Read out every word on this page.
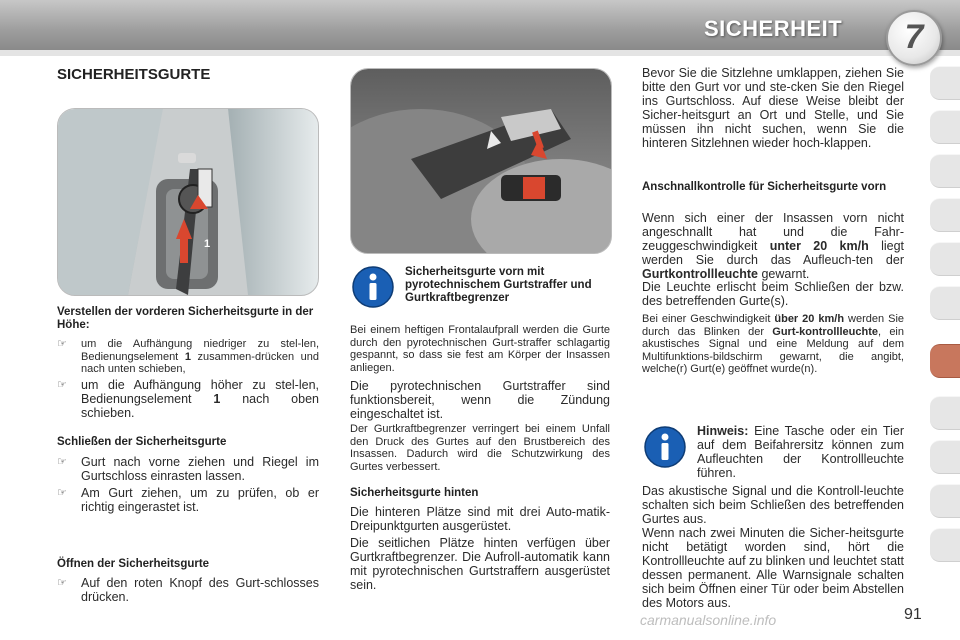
SICHERHEIT	7
SICHERHEITSGURTE
1
Verstellen der vorderen Sicherheitsgurte in der Höhe:
☞ um die Aufhängung niedriger zu stel-len, Bedienungselement 1 zusammen-drücken und nach unten schieben,
☞ um die Aufhängung höher zu stel-len, Bedienungselement 1 nach oben schieben.
Schließen der Sicherheitsgurte
☞ Gurt nach vorne ziehen und Riegel im Gurtschloss einrasten lassen.
☞ Am Gurt ziehen, um zu prüfen, ob er richtig eingerastet ist.
Öffnen der Sicherheitsgurte
☞ Auf den roten Knopf des Gurt-schlosses drücken.
Sicherheitsgurte vorn mit pyrotechnischem Gurtstraffer und Gurtkraftbegrenzer
Bei einem heftigen Frontalaufprall werden die Gurte durch den pyrotechnischen Gurt-straffer schlagartig gespannt, so dass sie fest am Körper der Insassen anliegen.
Die pyrotechnischen Gurtstraffer sind funktionsbereit, wenn die Zündung eingeschaltet ist.
Der Gurtkraftbegrenzer verringert bei einem Unfall den Druck des Gurtes auf den Brustbereich des Insassen. Dadurch wird die Schutzwirkung des Gurtes verbessert.
Sicherheitsgurte hinten
Die hinteren Plätze sind mit drei Auto-matik-Dreipunktgurten ausgerüstet.
Die seitlichen Plätze hinten verfügen über Gurtkraftbegrenzer. Die Aufroll-automatik kann mit pyrotechnischen Gurtstraffern ausgerüstet sein.
Bevor Sie die Sitzlehne umklappen, ziehen Sie bitte den Gurt vor und ste-cken Sie den Riegel ins Gurtschloss. Auf diese Weise bleibt der Sicher-heitsgurt an Ort und Stelle, und Sie müssen ihn nicht suchen, wenn Sie die hinteren Sitzlehnen wieder hoch-klappen.
Anschnallkontrolle für Sicherheitsgurte vorn
Wenn sich einer der Insassen vorn nicht angeschnallt hat und die Fahr-zeuggeschwindigkeit unter 20 km/h liegt werden Sie durch das Aufleuch-ten der Gurtkontrollleuchte gewarnt.
Die Leuchte erlischt beim Schließen der bzw. des betreffenden Gurte(s).
Bei einer Geschwindigkeit über 20 km/h werden Sie durch das Blinken der Gurt-kontrollleuchte, ein akustisches Signal und eine Meldung auf dem Multifunktions-bildschirm gewarnt, die angibt, welche(r) Gurt(e) geöffnet wurde(n).
Hinweis: Eine Tasche oder ein Tier auf dem Beifahrersitz können zum Aufleuchten der Kontrollleuchte führen.
Das akustische Signal und die Kontroll-leuchte schalten sich beim Schließen des betreffenden Gurtes aus.
Wenn nach zwei Minuten die Sicher-heitsgurte nicht betätigt worden sind, hört die Kontrollleuchte auf zu blinken und leuchtet statt dessen permanent. Alle Warnsignale schalten sich beim Öffnen einer Tür oder beim Abstellen des Motors aus.
carmanualsonline.info	91
